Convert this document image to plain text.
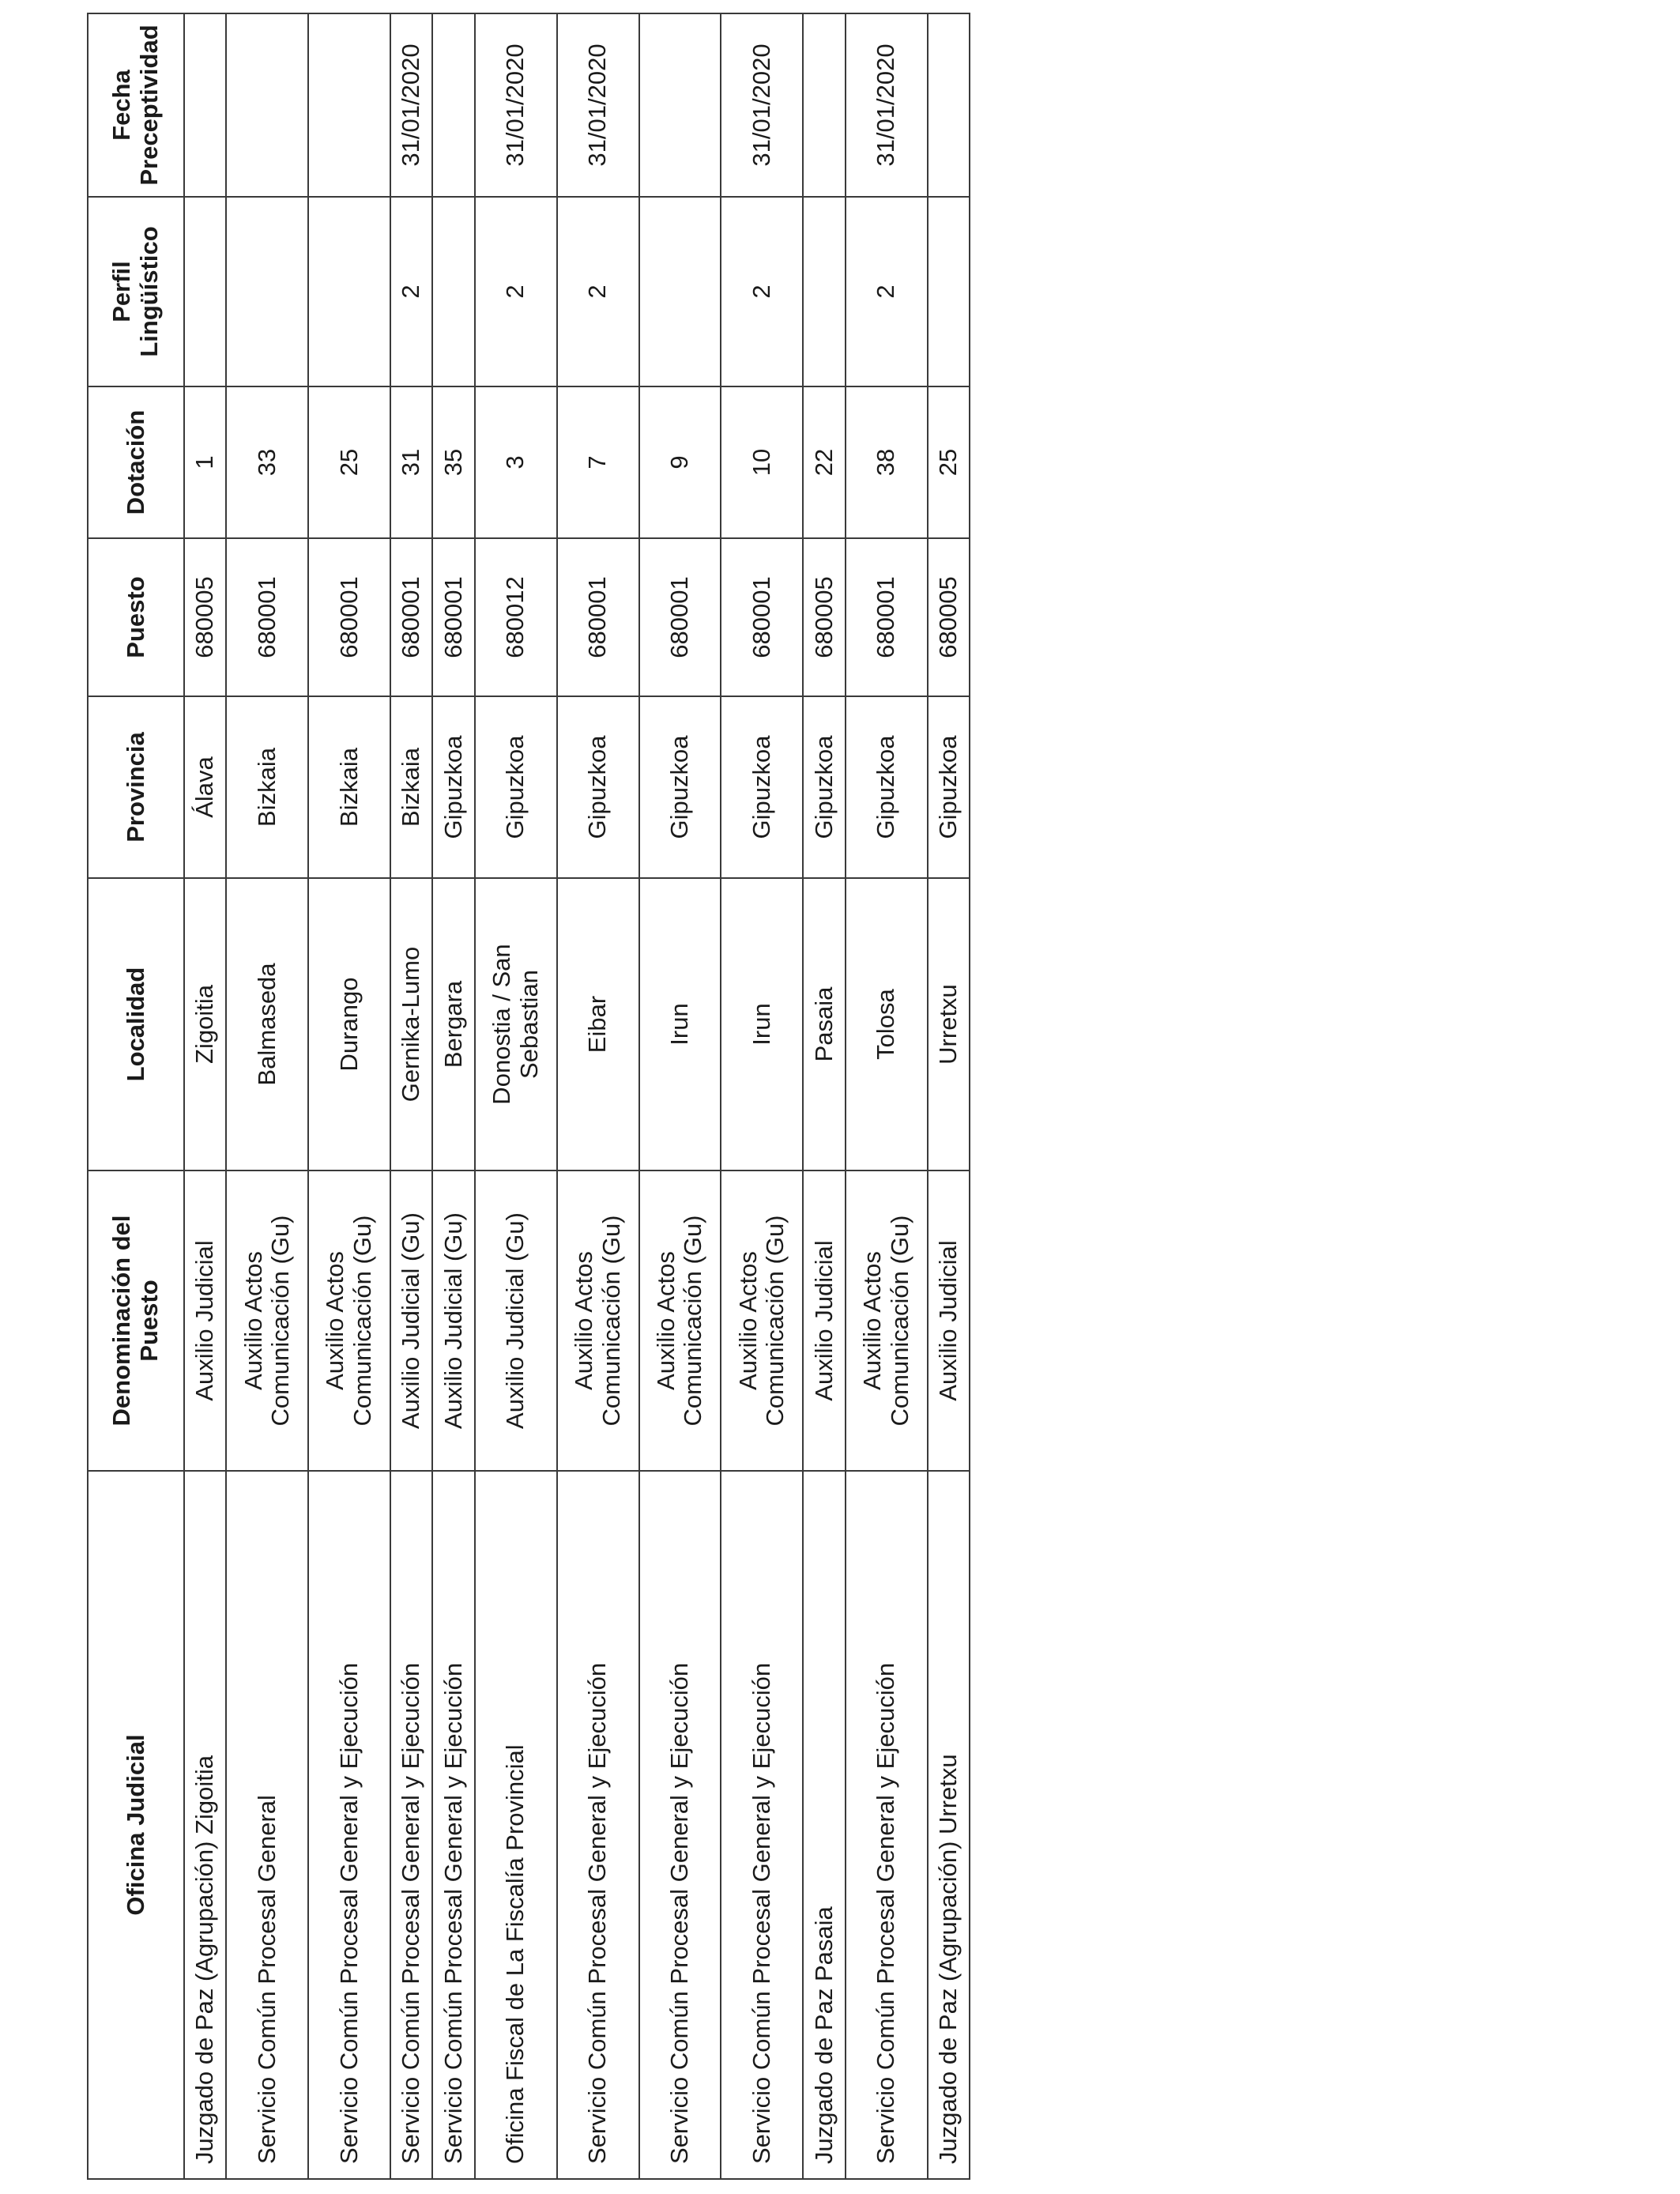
Oficina Judicial	Denominación del Puesto	Localidad	Provincia	Puesto	Dotación	Perfil Lingüístico	Fecha Preceptividad
Juzgado de Paz (Agrupación) Zigoitia	Auxilio Judicial	Zigoitia	Álava	680005	1		
Servicio Común Procesal General	Auxilio Actos Comunicación (Gu)	Balmaseda	Bizkaia	680001	33		
Servicio Común Procesal General y Ejecución	Auxilio Actos Comunicación (Gu)	Durango	Bizkaia	680001	25		
Servicio Común Procesal General y Ejecución	Auxilio Judicial (Gu)	Gernika-Lumo	Bizkaia	680001	31	2	31/01/2020
Servicio Común Procesal General y Ejecución	Auxilio Judicial (Gu)	Bergara	Gipuzkoa	680001	35		
Oficina Fiscal de La Fiscalía Provincial	Auxilio Judicial (Gu)	Donostia / San Sebastian	Gipuzkoa	680012	3	2	31/01/2020
Servicio Común Procesal General y Ejecución	Auxilio Actos Comunicación (Gu)	Eibar	Gipuzkoa	680001	7	2	31/01/2020
Servicio Común Procesal General y Ejecución	Auxilio Actos Comunicación (Gu)	Irun	Gipuzkoa	680001	9		
Servicio Común Procesal General y Ejecución	Auxilio Actos Comunicación (Gu)	Irun	Gipuzkoa	680001	10	2	31/01/2020
Juzgado de Paz Pasaia	Auxilio Judicial	Pasaia	Gipuzkoa	680005	22		
Servicio Común Procesal General y Ejecución	Auxilio Actos Comunicación (Gu)	Tolosa	Gipuzkoa	680001	38	2	31/01/2020
Juzgado de Paz (Agrupación) Urretxu	Auxilio Judicial	Urretxu	Gipuzkoa	680005	25		
